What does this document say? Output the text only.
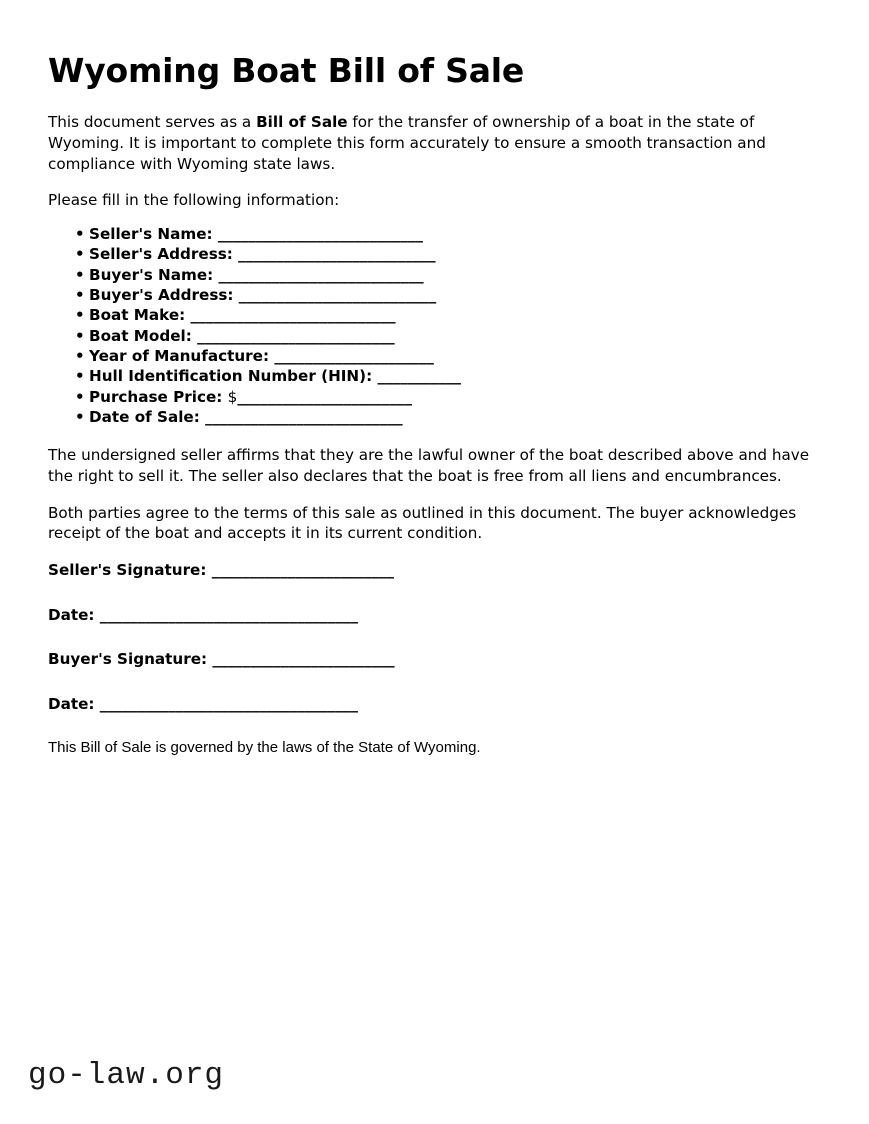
Wyoming Boat Bill of Sale

This document serves as a Bill of Sale for the transfer of ownership of a boat in the state of Wyoming. It is important to complete this form accurately to ensure a smooth transaction and compliance with Wyoming state laws.

Please fill in the following information:

• Seller's Name: ___________________________
• Seller's Address: __________________________
• Buyer's Name: ___________________________
• Buyer's Address: __________________________
• Boat Make: ___________________________
• Boat Model: __________________________
• Year of Manufacture: _____________________
• Hull Identification Number (HIN): ___________
• Purchase Price: $_______________________
• Date of Sale: __________________________

The undersigned seller affirms that they are the lawful owner of the boat described above and have the right to sell it. The seller also declares that the boat is free from all liens and encumbrances.

Both parties agree to the terms of this sale as outlined in this document. The buyer acknowledges receipt of the boat and accepts it in its current condition.

Seller's Signature: ________________________
Date: __________________________________
Buyer's Signature: ________________________
Date: __________________________________

This Bill of Sale is governed by the laws of the State of Wyoming.

go-law.org
